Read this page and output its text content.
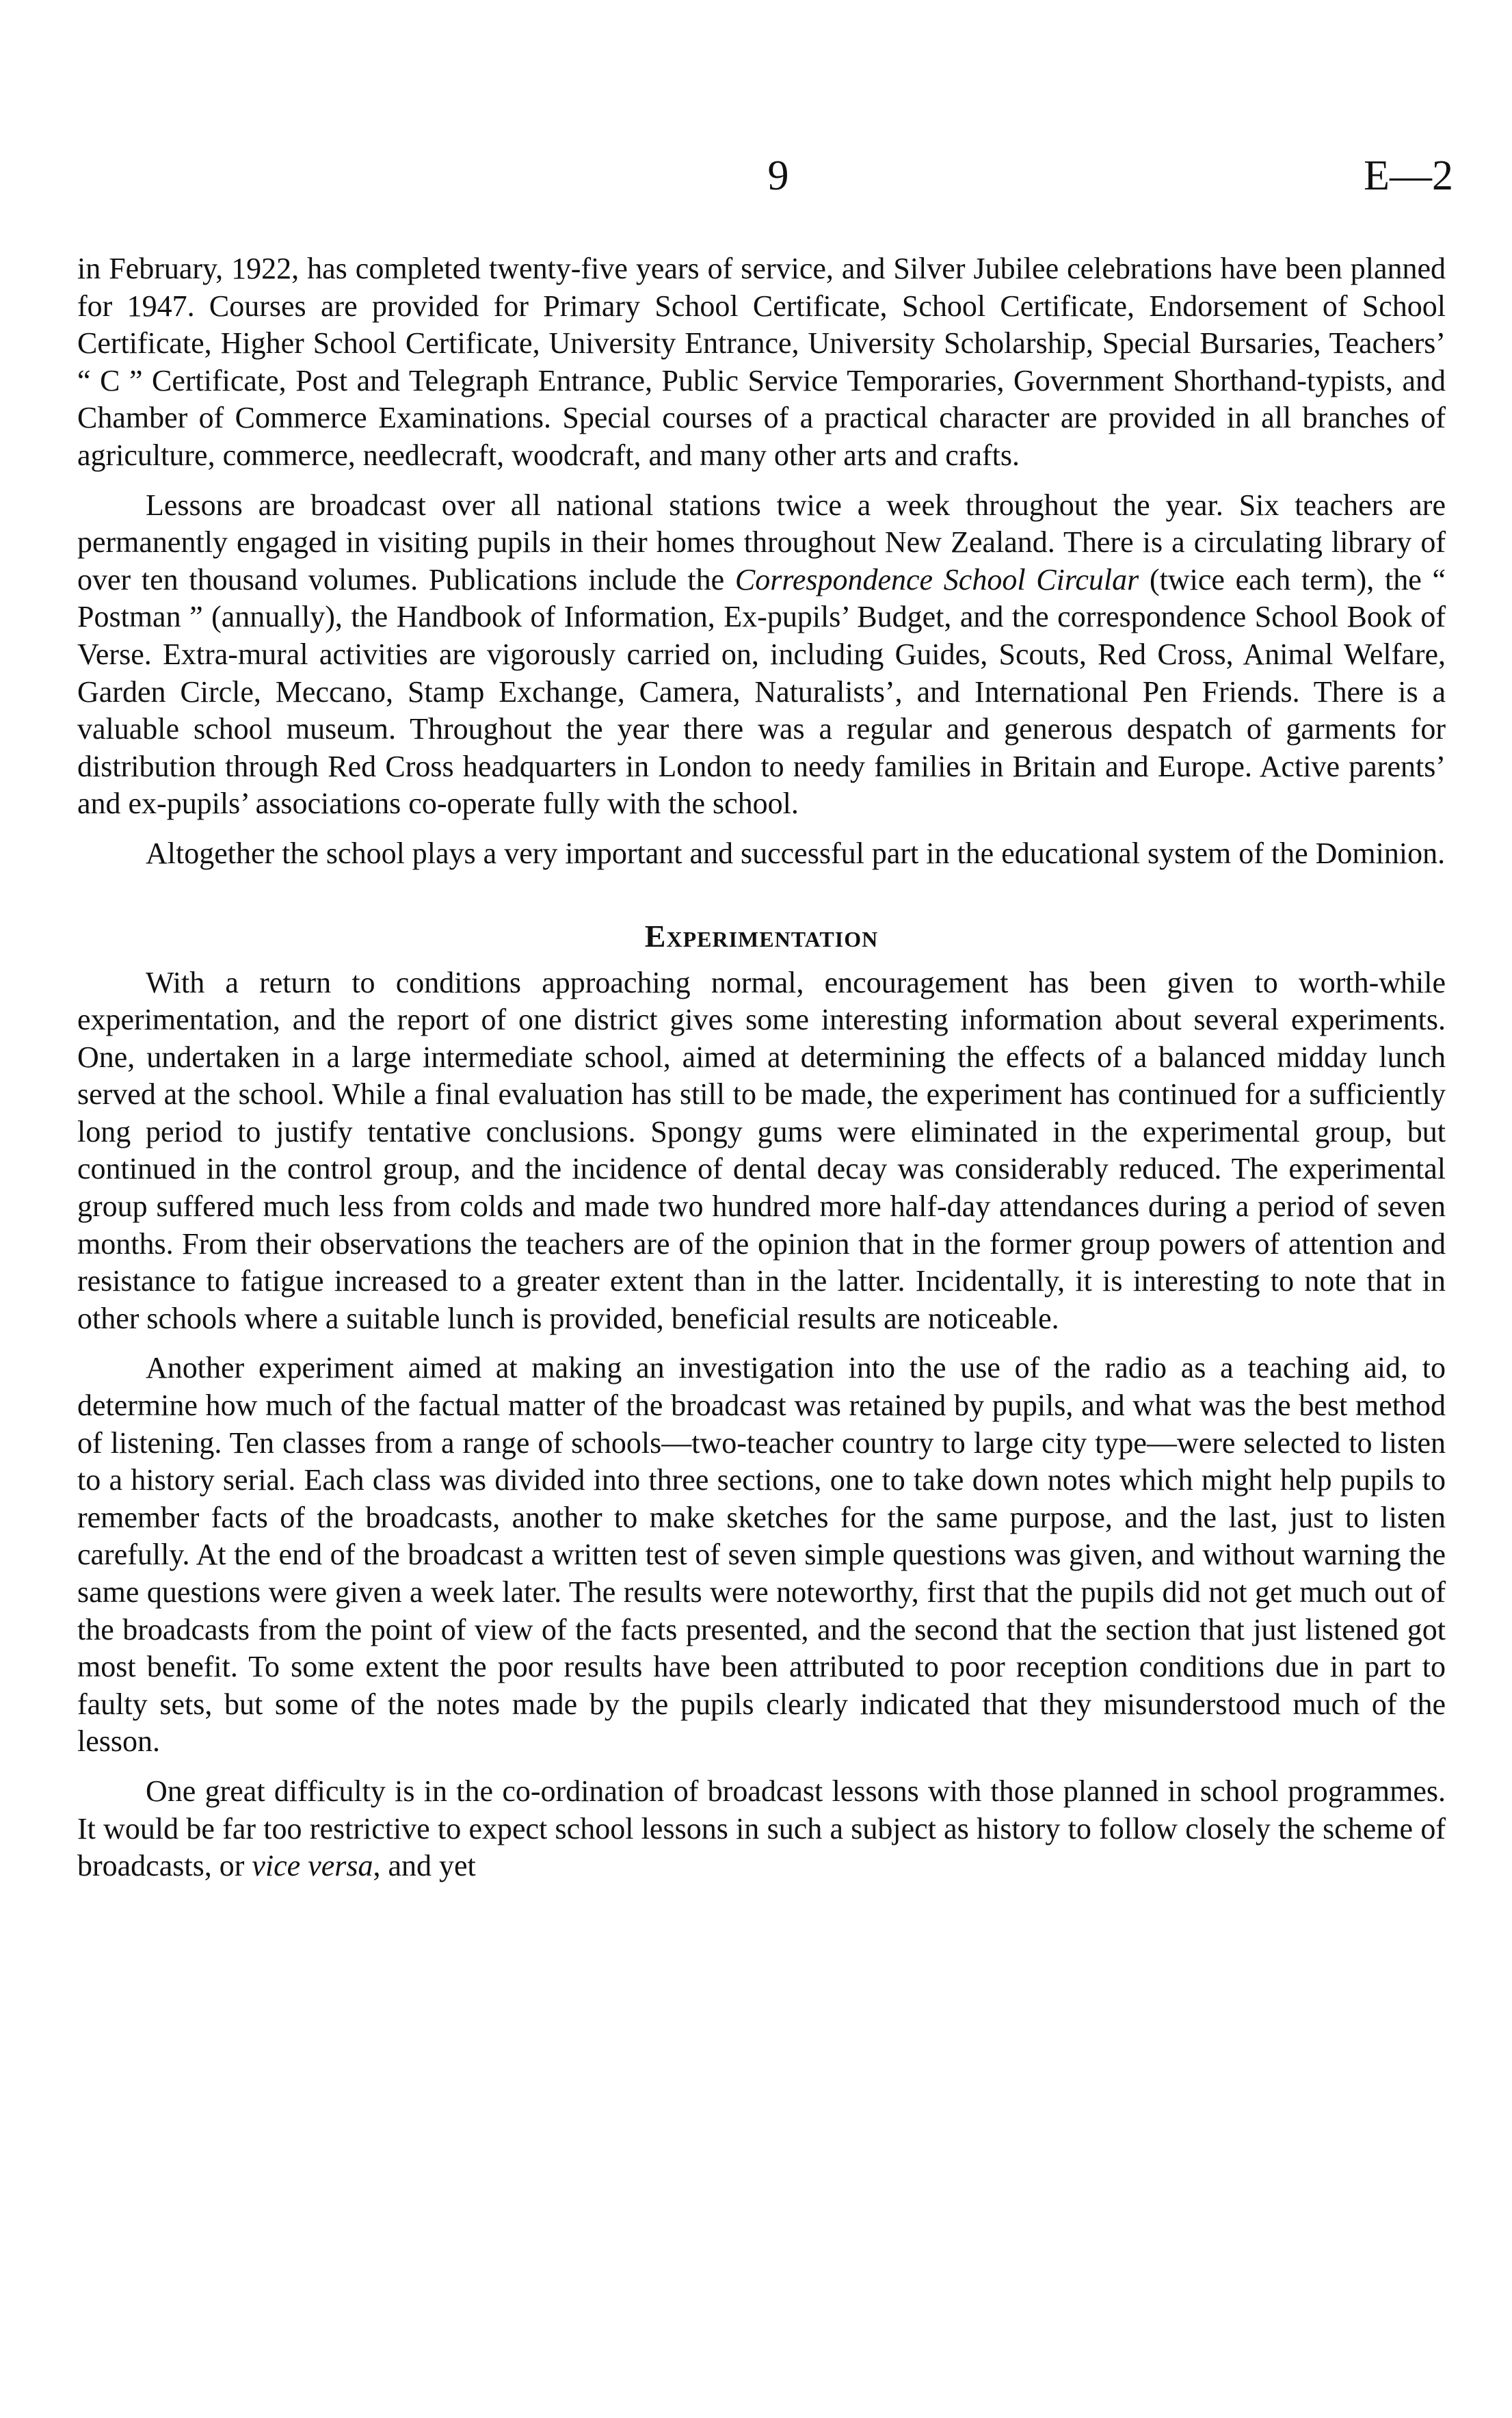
9	E—2

in February, 1922, has completed twenty-five years of service, and Silver Jubilee celebrations have been planned for 1947. Courses are provided for Primary School Certificate, School Certificate, Endorsement of School Certificate, Higher School Certificate, University Entrance, University Scholarship, Special Bursaries, Teachers’ “ C ” Certificate, Post and Telegraph Entrance, Public Service Temporaries, Government Shorthand-typists, and Chamber of Commerce Examinations. Special courses of a practical character are provided in all branches of agriculture, commerce, needlecraft, woodcraft, and many other arts and crafts.

Lessons are broadcast over all national stations twice a week throughout the year. Six teachers are permanently engaged in visiting pupils in their homes throughout New Zealand. There is a circulating library of over ten thousand volumes. Publications include the Correspondence School Circular (twice each term), the “ Postman ” (annually), the Handbook of Information, Ex-pupils’ Budget, and the correspondence School Book of Verse. Extra-mural activities are vigorously carried on, including Guides, Scouts, Red Cross, Animal Welfare, Garden Circle, Meccano, Stamp Exchange, Camera, Naturalists’, and International Pen Friends. There is a valuable school museum. Throughout the year there was a regular and generous despatch of garments for distribution through Red Cross headquarters in London to needy families in Britain and Europe. Active parents’ and ex-pupils’ associations co-operate fully with the school.

Altogether the school plays a very important and successful part in the educational system of the Dominion.

Experimentation

With a return to conditions approaching normal, encouragement has been given to worth-while experimentation, and the report of one district gives some interesting information about several experiments. One, undertaken in a large intermediate school, aimed at determining the effects of a balanced midday lunch served at the school. While a final evaluation has still to be made, the experiment has continued for a sufficiently long period to justify tentative conclusions. Spongy gums were eliminated in the experimental group, but continued in the control group, and the incidence of dental decay was considerably reduced. The experimental group suffered much less from colds and made two hundred more half-day attendances during a period of seven months. From their observations the teachers are of the opinion that in the former group powers of attention and resistance to fatigue increased to a greater extent than in the latter. Incidentally, it is interesting to note that in other schools where a suitable lunch is provided, beneficial results are noticeable.

Another experiment aimed at making an investigation into the use of the radio as a teaching aid, to determine how much of the factual matter of the broadcast was retained by pupils, and what was the best method of listening. Ten classes from a range of schools—two-teacher country to large city type—were selected to listen to a history serial. Each class was divided into three sections, one to take down notes which might help pupils to remember facts of the broadcasts, another to make sketches for the same purpose, and the last, just to listen carefully. At the end of the broadcast a written test of seven simple questions was given, and without warning the same questions were given a week later. The results were noteworthy, first that the pupils did not get much out of the broadcasts from the point of view of the facts presented, and the second that the section that just listened got most benefit. To some extent the poor results have been attributed to poor reception conditions due in part to faulty sets, but some of the notes made by the pupils clearly indicated that they misunderstood much of the lesson.

One great difficulty is in the co-ordination of broadcast lessons with those planned in school programmes. It would be far too restrictive to expect school lessons in such a subject as history to follow closely the scheme of broadcasts, or vice versa, and yet
